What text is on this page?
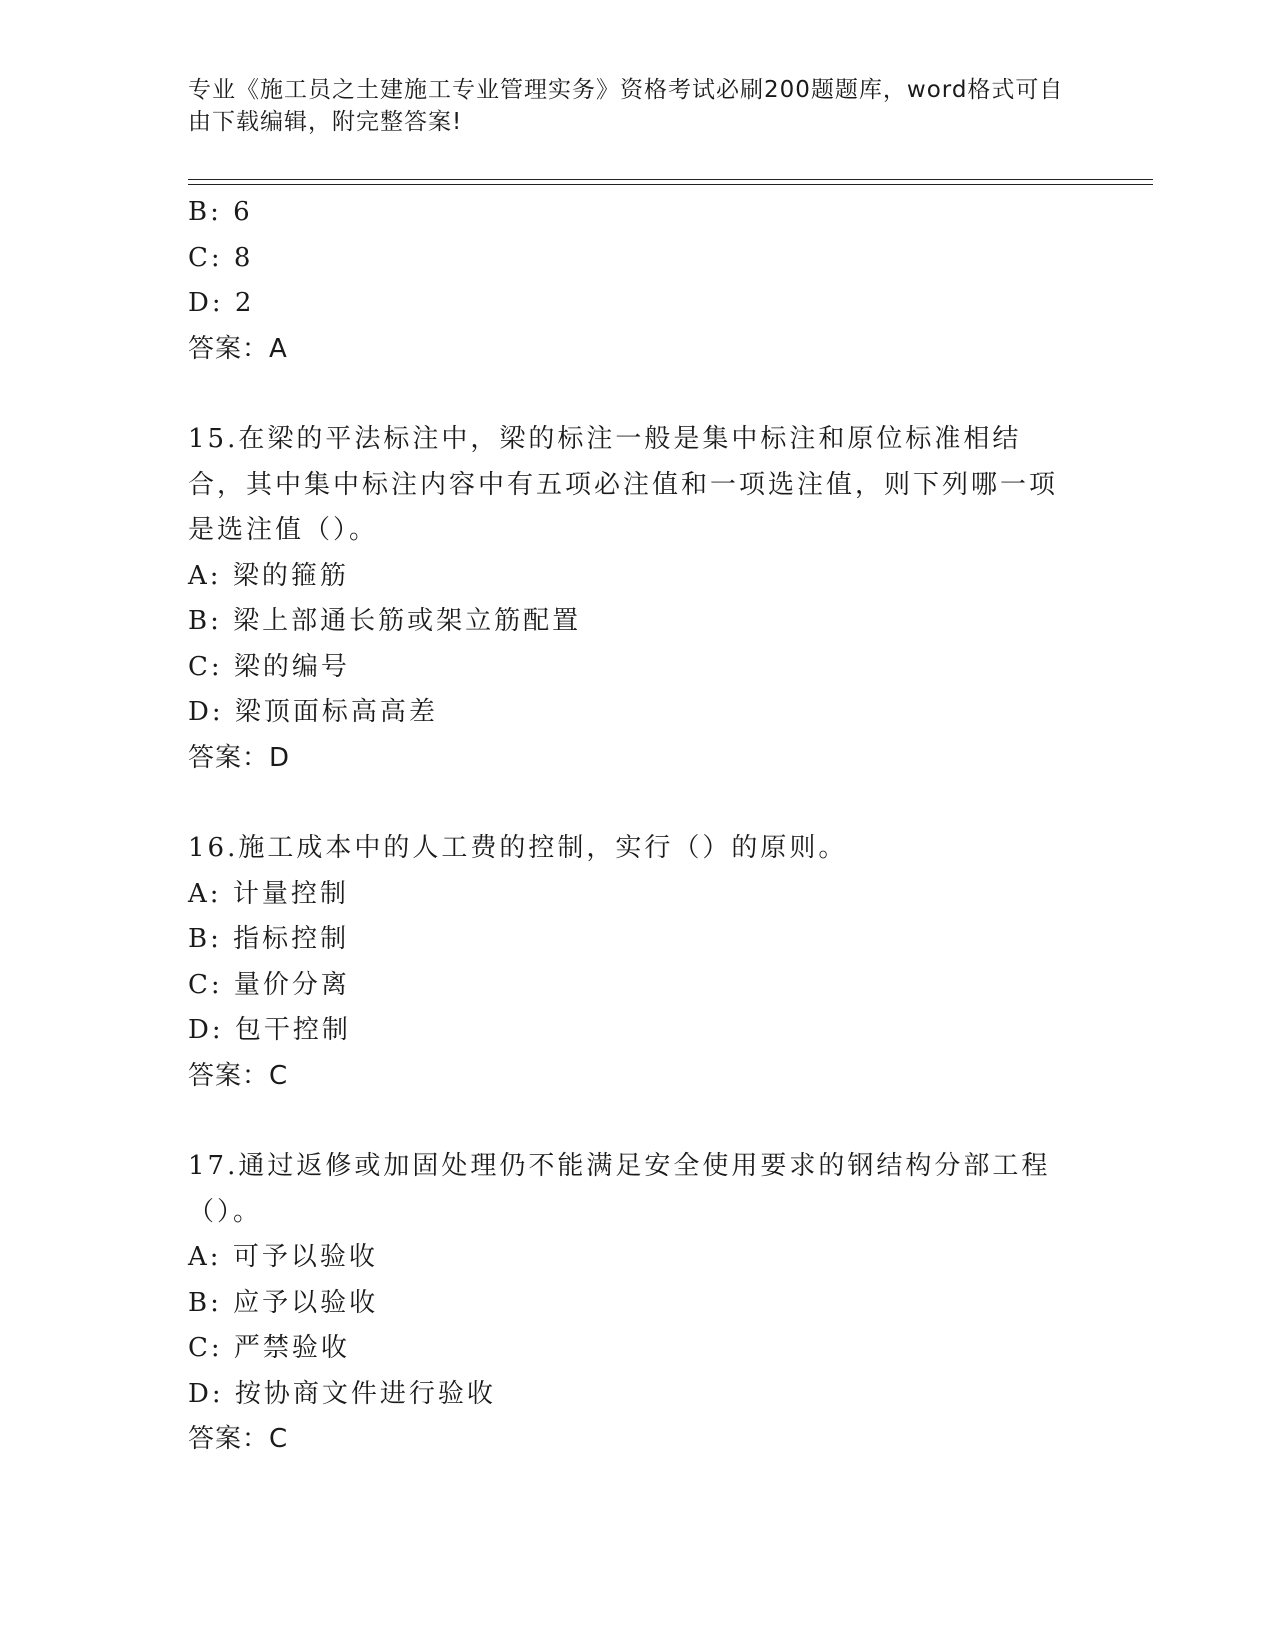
专业《施工员之土建施工专业管理实务》资格考试必刷200题题库，word格式可自由下载编辑，附完整答案!
B: 6
C: 8
D: 2
答案：A
15.在梁的平法标注中，梁的标注一般是集中标注和原位标准相结合，其中集中标注内容中有五项必注值和一项选注值，则下列哪一项是选注值（）。
A: 梁的箍筋
B: 梁上部通长筋或架立筋配置
C: 梁的编号
D: 梁顶面标高高差
答案：D
16.施工成本中的人工费的控制，实行（）的原则。
A: 计量控制
B: 指标控制
C: 量价分离
D: 包干控制
答案：C
17.通过返修或加固处理仍不能满足安全使用要求的钢结构分部工程（）。
A: 可予以验收
B: 应予以验收
C: 严禁验收
D: 按协商文件进行验收
答案：C
